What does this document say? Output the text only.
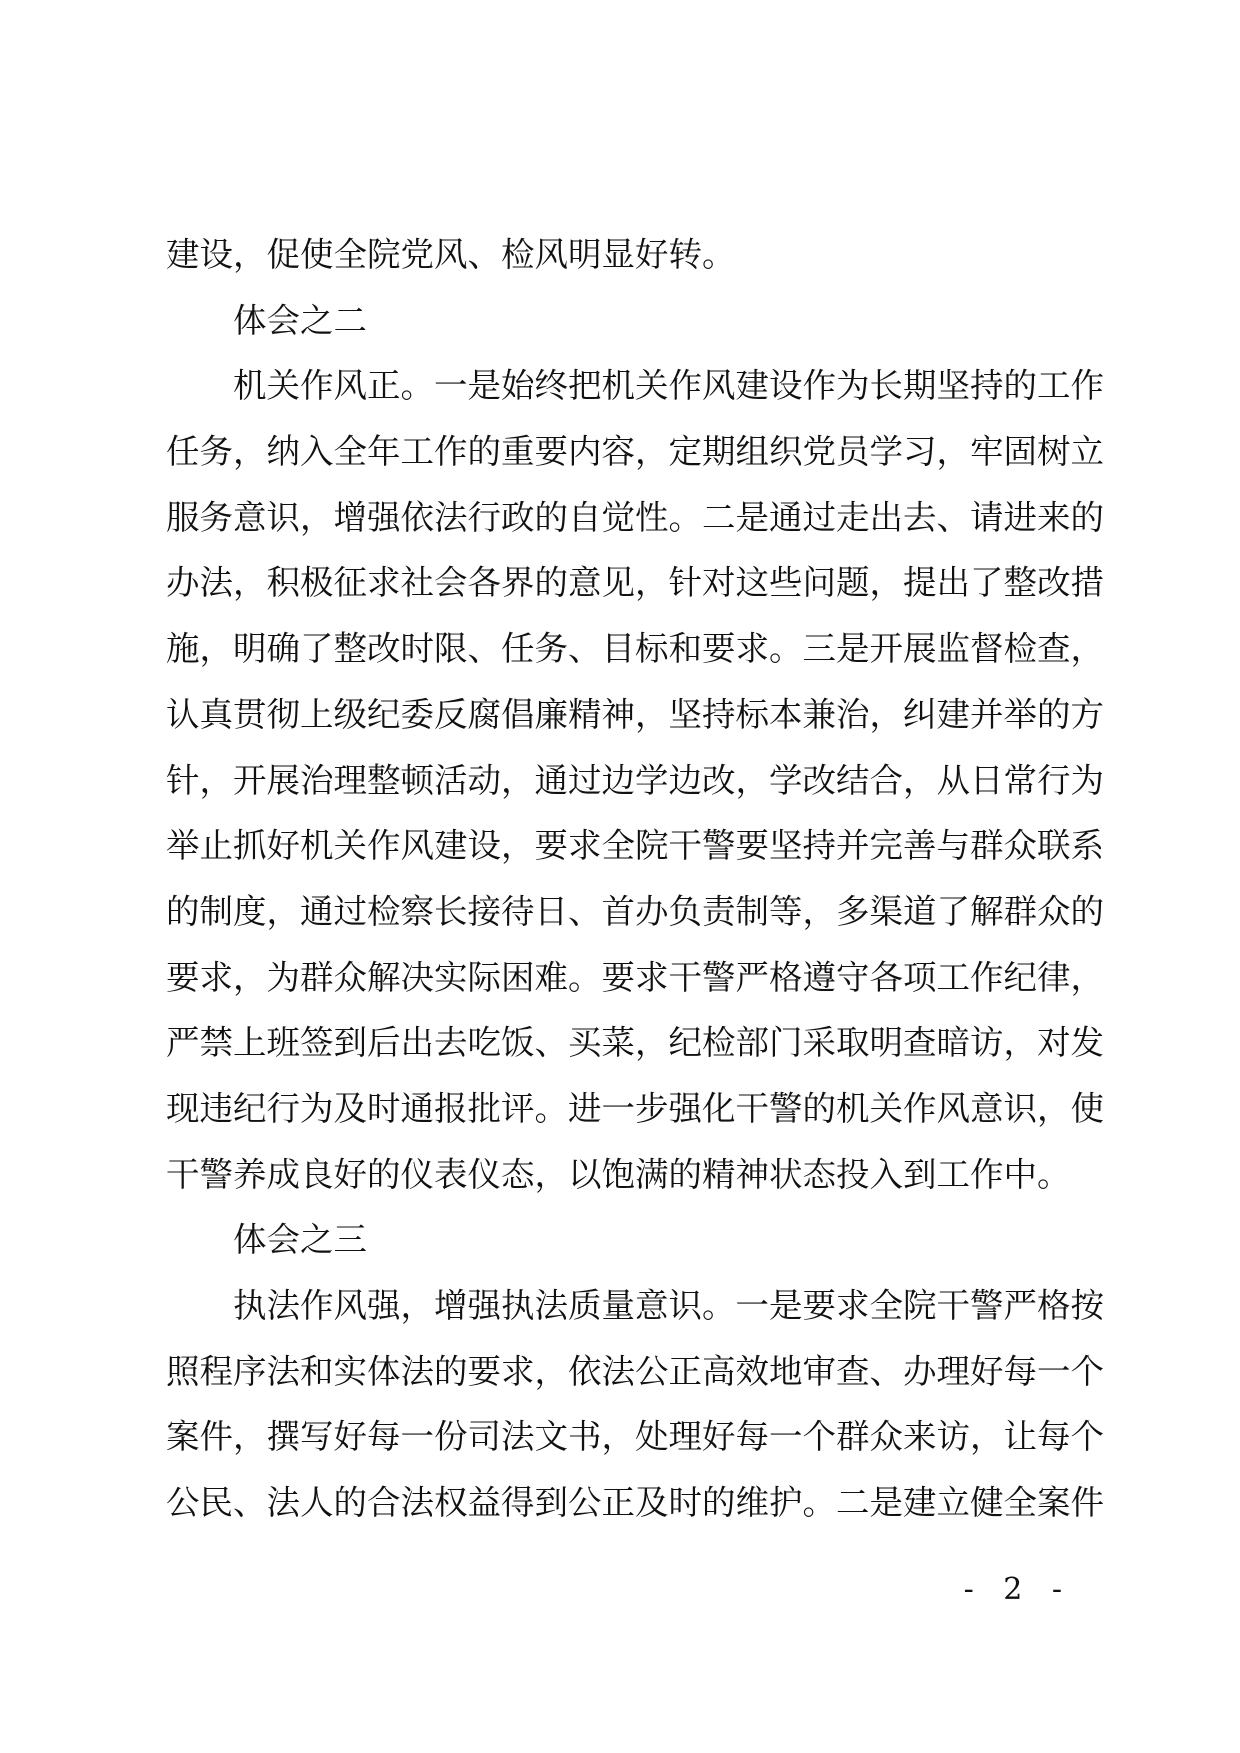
建设，促使全院党风、检风明显好转。
体会之二
机关作风正。一是始终把机关作风建设作为长期坚持的工作
任务，纳入全年工作的重要内容，定期组织党员学习，牢固树立
服务意识，增强依法行政的自觉性。二是通过走出去、请进来的
办法，积极征求社会各界的意见，针对这些问题，提出了整改措
施，明确了整改时限、任务、目标和要求。三是开展监督检查，
认真贯彻上级纪委反腐倡廉精神，坚持标本兼治，纠建并举的方
针，开展治理整顿活动，通过边学边改，学改结合，从日常行为
举止抓好机关作风建设，要求全院干警要坚持并完善与群众联系
的制度，通过检察长接待日、首办负责制等，多渠道了解群众的
要求，为群众解决实际困难。要求干警严格遵守各项工作纪律，
严禁上班签到后出去吃饭、买菜，纪检部门采取明查暗访，对发
现违纪行为及时通报批评。进一步强化干警的机关作风意识，使
干警养成良好的仪表仪态，以饱满的精神状态投入到工作中。
体会之三
执法作风强，增强执法质量意识。一是要求全院干警严格按
照程序法和实体法的要求，依法公正高效地审查、办理好每一个
案件，撰写好每一份司法文书，处理好每一个群众来访，让每个
公民、法人的合法权益得到公正及时的维护。二是建立健全案件
- 2 -
